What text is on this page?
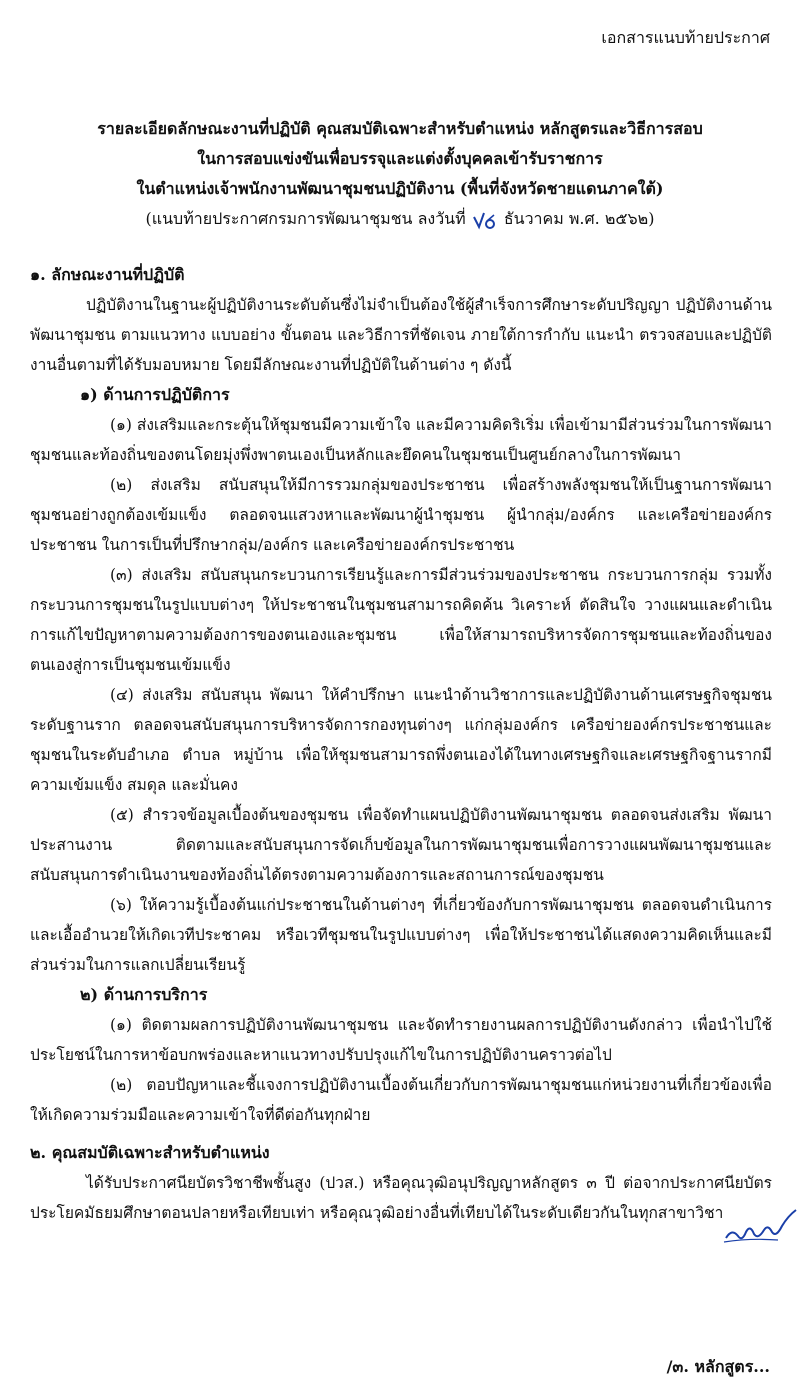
เอกสารแนบท้ายประกาศ
รายละเอียดลักษณะงานที่ปฏิบัติ คุณสมบัติเฉพาะสำหรับตำแหน่ง หลักสูตรและวิธีการสอบ
ในการสอบแข่งขันเพื่อบรรจุและแต่งตั้งบุคคลเข้ารับราชการ
ในตำแหน่งเจ้าพนักงานพัฒนาชุมชนปฏิบัติงาน (พื้นที่จังหวัดชายแดนภาคใต้)
(แนบท้ายประกาศกรมการพัฒนาชุมชน ลงวันที่ ธันวาคม พ.ศ. ๒๕๖๒)

๑. ลักษณะงานที่ปฏิบัติ

ปฏิบัติงานในฐานะผู้ปฏิบัติงานระดับต้นซึ่งไม่จำเป็นต้องใช้ผู้สำเร็จการศึกษาระดับปริญญา ปฏิบัติงานด้านพัฒนาชุมชน ตามแนวทาง แบบอย่าง ขั้นตอน และวิธีการที่ชัดเจน ภายใต้การกำกับ แนะนำ ตรวจสอบและปฏิบัติงานอื่นตามที่ได้รับมอบหมาย โดยมีลักษณะงานที่ปฏิบัติในด้านต่าง ๆ ดังนี้

๑) ด้านการปฏิบัติการ

(๑) ส่งเสริมและกระตุ้นให้ชุมชนมีความเข้าใจ และมีความคิดริเริ่ม เพื่อเข้ามามีส่วนร่วมในการพัฒนาชุมชนและท้องถิ่นของตนโดยมุ่งพึ่งพาตนเองเป็นหลักและยึดคนในชุมชนเป็นศูนย์กลางในการพัฒนา

(๒) ส่งเสริม สนับสนุนให้มีการรวมกลุ่มของประชาชน เพื่อสร้างพลังชุมชนให้เป็นฐานการพัฒนาชุมชนอย่างถูกต้องเข้มแข็ง ตลอดจนแสวงหาและพัฒนาผู้นำชุมชน ผู้นำกลุ่ม/องค์กร และเครือข่ายองค์กรประชาชน ในการเป็นที่ปรึกษากลุ่ม/องค์กร และเครือข่ายองค์กรประชาชน

(๓) ส่งเสริม สนับสนุนกระบวนการเรียนรู้และการมีส่วนร่วมของประชาชน กระบวนการกลุ่ม รวมทั้งกระบวนการชุมชนในรูปแบบต่างๆ ให้ประชาชนในชุมชนสามารถคิดค้น วิเคราะห์ ตัดสินใจ วางแผนและดำเนินการแก้ไขปัญหาตามความต้องการของตนเองและชุมชน เพื่อให้สามารถบริหารจัดการชุมชนและท้องถิ่นของตนเองสู่การเป็นชุมชนเข้มแข็ง

(๔) ส่งเสริม สนับสนุน พัฒนา ให้คำปรึกษา แนะนำด้านวิชาการและปฏิบัติงานด้านเศรษฐกิจชุมชนระดับฐานราก ตลอดจนสนับสนุนการบริหารจัดการกองทุนต่างๆ แก่กลุ่มองค์กร เครือข่ายองค์กรประชาชนและชุมชนในระดับอำเภอ ตำบล หมู่บ้าน เพื่อให้ชุมชนสามารถพึ่งตนเองได้ในทางเศรษฐกิจและเศรษฐกิจฐานรากมีความเข้มแข็ง สมดุล และมั่นคง

(๕) สำรวจข้อมูลเบื้องต้นของชุมชน เพื่อจัดทำแผนปฏิบัติงานพัฒนาชุมชน ตลอดจนส่งเสริม พัฒนา ประสานงาน ติดตามและสนับสนุนการจัดเก็บข้อมูลในการพัฒนาชุมชนเพื่อการวางแผนพัฒนาชุมชนและสนับสนุนการดำเนินงานของท้องถิ่นได้ตรงตามความต้องการและสถานการณ์ของชุมชน

(๖) ให้ความรู้เบื้องต้นแก่ประชาชนในด้านต่างๆ ที่เกี่ยวข้องกับการพัฒนาชุมชน ตลอดจนดำเนินการและเอื้ออำนวยให้เกิดเวทีประชาคม หรือเวทีชุมชนในรูปแบบต่างๆ เพื่อให้ประชาชนได้แสดงความคิดเห็นและมีส่วนร่วมในการแลกเปลี่ยนเรียนรู้

๒) ด้านการบริการ

(๑) ติดตามผลการปฏิบัติงานพัฒนาชุมชน และจัดทำรายงานผลการปฏิบัติงานดังกล่าว เพื่อนำไปใช้ประโยชน์ในการหาข้อบกพร่องและหาแนวทางปรับปรุงแก้ไขในการปฏิบัติงานคราวต่อไป

(๒) ตอบปัญหาและชี้แจงการปฏิบัติงานเบื้องต้นเกี่ยวกับการพัฒนาชุมชนแก่หน่วยงานที่เกี่ยวข้องเพื่อให้เกิดความร่วมมือและความเข้าใจที่ดีต่อกันทุกฝ่าย

๒. คุณสมบัติเฉพาะสำหรับตำแหน่ง

ได้รับประกาศนียบัตรวิชาชีพชั้นสูง (ปวส.) หรือคุณวุฒิอนุปริญญาหลักสูตร ๓ ปี ต่อจากประกาศนียบัตรประโยคมัธยมศึกษาตอนปลายหรือเทียบเท่า หรือคุณวุฒิอย่างอื่นที่เทียบได้ในระดับเดียวกันในทุกสาขาวิชา

/๓. หลักสูตร...
